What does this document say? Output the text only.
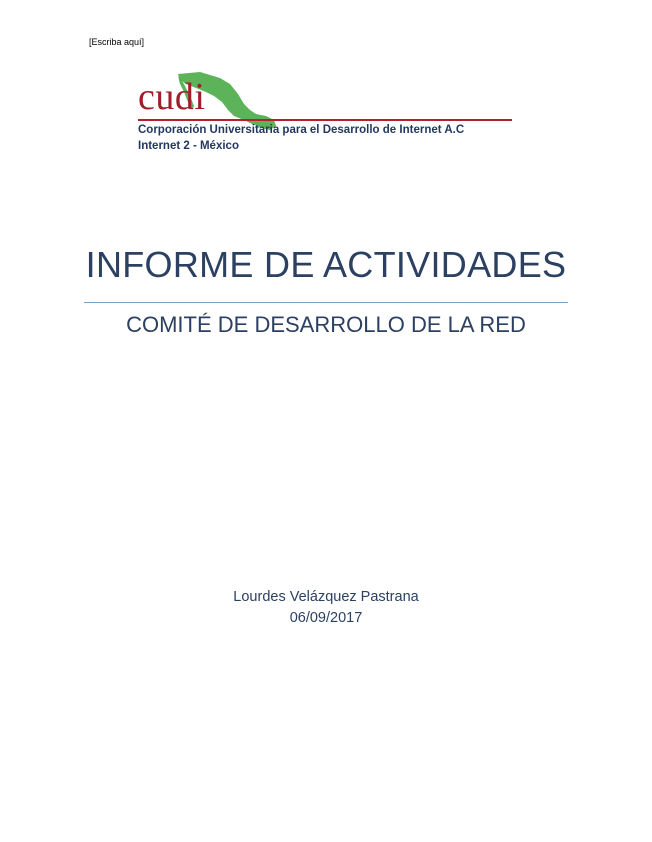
[Escriba aquí]
cudi
Corporación Universitaria para el Desarrollo de Internet A.C
Internet 2 - México
INFORME DE ACTIVIDADES
COMITÉ DE DESARROLLO DE LA RED
Lourdes Velázquez Pastrana
06/09/2017
